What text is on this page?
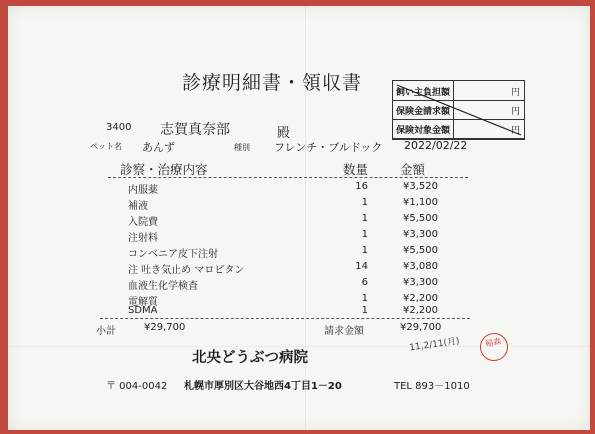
診療明細書・領収書	飼い主負担額	円
保険金請求額	円
保険対象金額	円
3400 志賀真奈部	殿
ペット名 あんず	種別 フレンチ・ブルドック 2022/02/22
診察・治療内容	数量	金額
内服薬	16	¥3,520
補液	1	¥1,100
入院費	1	¥5,500
注射料	1	¥3,300
コンベニア皮下注射	1	¥5,500
注 吐き気止め マロピタン	14	¥3,080
血液生化学検査	6	¥3,300
電解質	1	¥2,200
SDMA	1	¥2,200
小計	¥29,700	請求金額	¥29,700
11,2/11(月)	稲森
北央どうぶつ病院
〒 004-0042 札幌市厚別区大谷地西4丁目1－20	TEL 893－1010
